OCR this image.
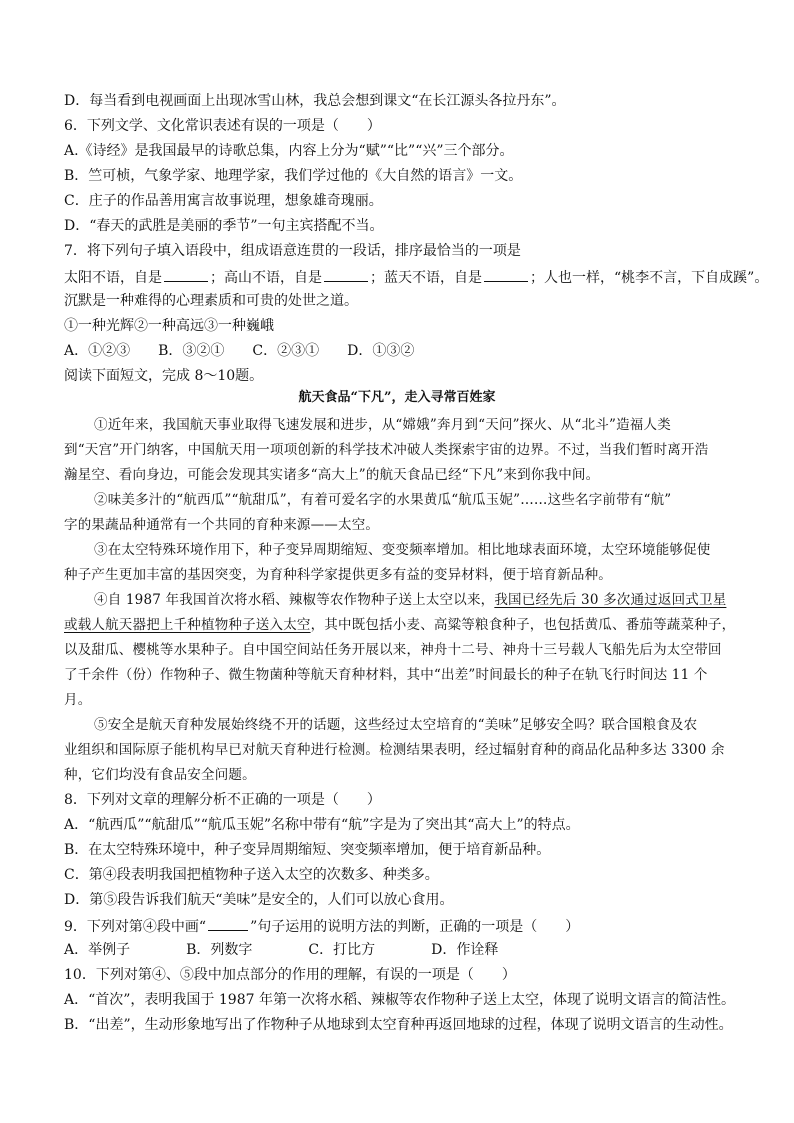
D．每当看到电视画面上出现冰雪山林，我总会想到课文“在长江源头各拉丹东”。
6．下列文学、文化常识表述有误的一项是（　　）
A.《诗经》是我国最早的诗歌总集，内容上分为“赋”“比”“兴”三个部分。
B．竺可桢，气象学家、地理学家，我们学过他的《大自然的语言》一文。
C．庄子的作品善用寓言故事说理，想象雄奇瑰丽。
D．“春天的武胜是美丽的季节”一句主宾搭配不当。
7．将下列句子填入语段中，组成语意连贯的一段话，排序最恰当的一项是
太阳不语，自是	；高山不语，自是	；蓝天不语，自是	；人也一样，“桃李不言，下自成蹊”。
沉默是一种难得的心理素质和可贵的处世之道。
①一种光辉②一种高远③一种巍峨
A．①②③　　B．③②①　　C．②③①　　D．①③②
阅读下面短文，完成 8～10题。
航天食品“下凡”，走入寻常百姓家
①近年来，我国航天事业取得飞速发展和进步，从“嫦娥”奔月到“天问”探火、从“北斗”造福人类
到“天宫”开门纳客，中国航天用一项项创新的科学技术冲破人类探索宇宙的边界。不过，当我们暂时离开浩
瀚星空、看向身边，可能会发现其实诸多“高大上”的航天食品已经“下凡”来到你我中间。
②味美多汁的“航西瓜”“航甜瓜”，有着可爱名字的水果黄瓜“航瓜玉妮”……这些名字前带有“航”
字的果蔬品种通常有一个共同的育种来源——太空。
③在太空特殊环境作用下，种子变异周期缩短、变变频率增加。相比地球表面环境，太空环境能够促使
种子产生更加丰富的基因突变，为育种科学家提供更多有益的变异材料，便于培育新品种。
④自 1987 年我国首次将水稻、辣椒等农作物种子送上太空以来，我国已经先后 30 多次通过返回式卫星
或载人航天器把上千种植物种子送入太空，其中既包括小麦、高粱等粮食种子，也包括黄瓜、番茄等蔬菜种子，
以及甜瓜、樱桃等水果种子。自中国空间站任务开展以来，神舟十二号、神舟十三号载人飞船先后为太空带回
了千余件（份）作物种子、微生物菌种等航天育种材料，其中“出差”时间最长的种子在轨飞行时间达 11 个
月。
⑤安全是航天育种发展始终绕不开的话题，这些经过太空培育的“美味”足够安全吗？联合国粮食及农
业组织和国际原子能机构早已对航天育种进行检测。检测结果表明，经过辐射育种的商品化品种多达 3300 余
种，它们均没有食品安全问题。
8．下列对文章的理解分析不正确的一项是（　　）
A．“航西瓜”“航甜瓜”“航瓜玉妮”名称中带有“航”字是为了突出其“高大上”的特点。
B．在太空特殊环境中，种子变异周期缩短、突变频率增加，便于培育新品种。
C．第④段表明我国把植物种子送入太空的次数多、种类多。
D．第⑤段告诉我们航天“美味”是安全的，人们可以放心食用。
9．下列对第④段中画“	”句子运用的说明方法的判断，正确的一项是（　　）
A．举例子　　　　B．列数字　　　　C．打比方　　　　D．作诠释
10．下列对第④、⑤段中加点部分的作用的理解，有误的一项是（　　）
A．“首次”，表明我国于 1987 年第一次将水稻、辣椒等农作物种子送上太空，体现了说明文语言的简洁性。
B．“出差”，生动形象地写出了作物种子从地球到太空育种再返回地球的过程，体现了说明文语言的生动性。
